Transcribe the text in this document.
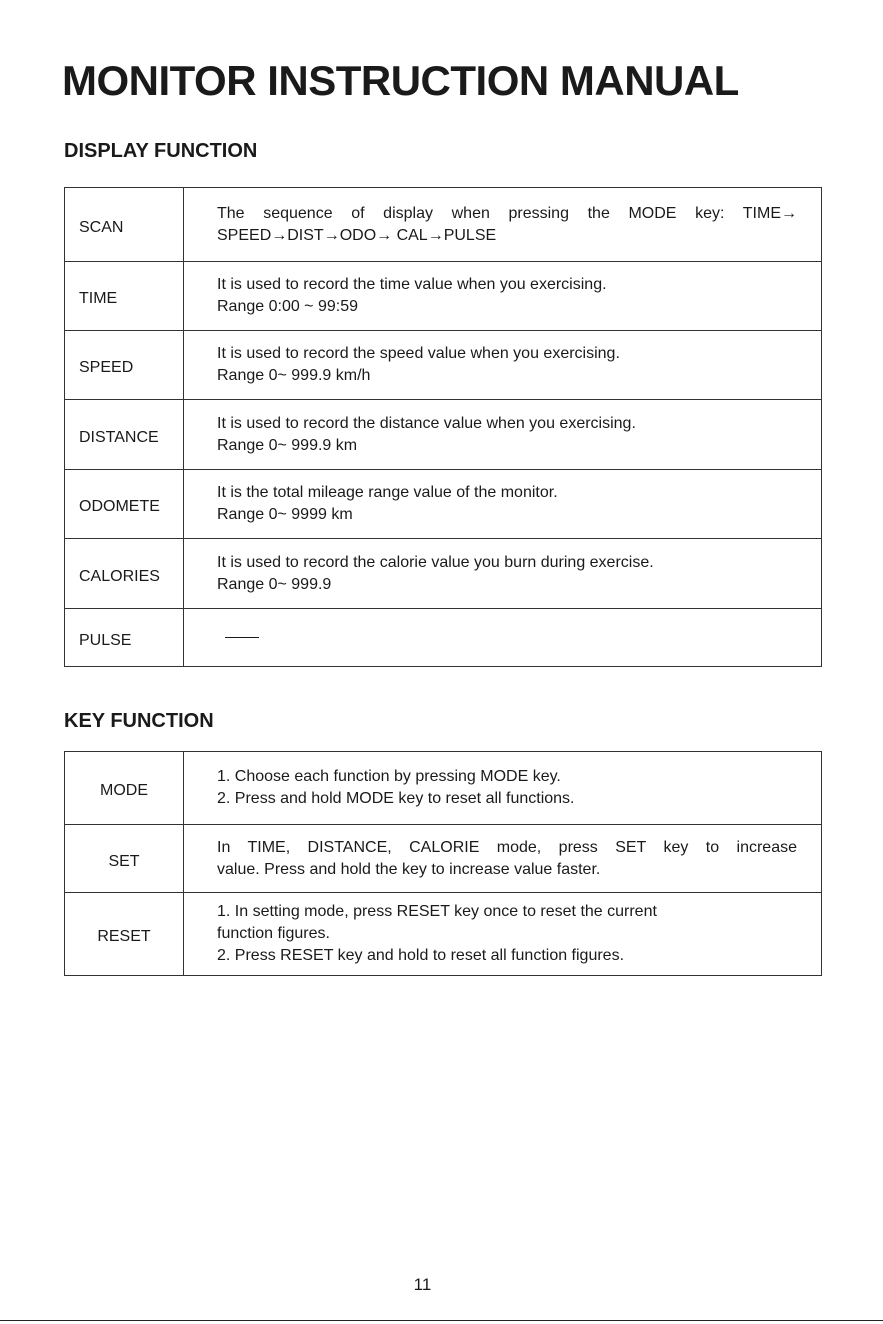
MONITOR INSTRUCTION MANUAL
DISPLAY FUNCTION
SCAN	The sequence of display when pressing the MODE key: TIME→
SPEED→DIST→ODO→ CAL→PULSE

TIME	It is used to record the time value when you exercising.
Range 0:00 ~ 99:59

SPEED	It is used to record the speed value when you exercising.
Range 0~ 999.9 km/h

DISTANCE	It is used to record the distance value when you exercising.
Range 0~ 999.9 km

ODOMETE	It is the total mileage range value of the monitor.
Range 0~ 9999 km

CALORIES	It is used to record the calorie value you burn during exercise.
Range 0~ 999.9

PULSE	
KEY FUNCTION
MODE	1. Choose each function by pressing MODE key.
2. Press and hold MODE key to reset all functions.

SET	In TIME, DISTANCE, CALORIE mode, press SET key to increase
value. Press and hold the key to increase value faster.

RESET	1. In setting mode, press RESET key once to reset the current
function figures.
2. Press RESET key and hold to reset all function figures.
11
